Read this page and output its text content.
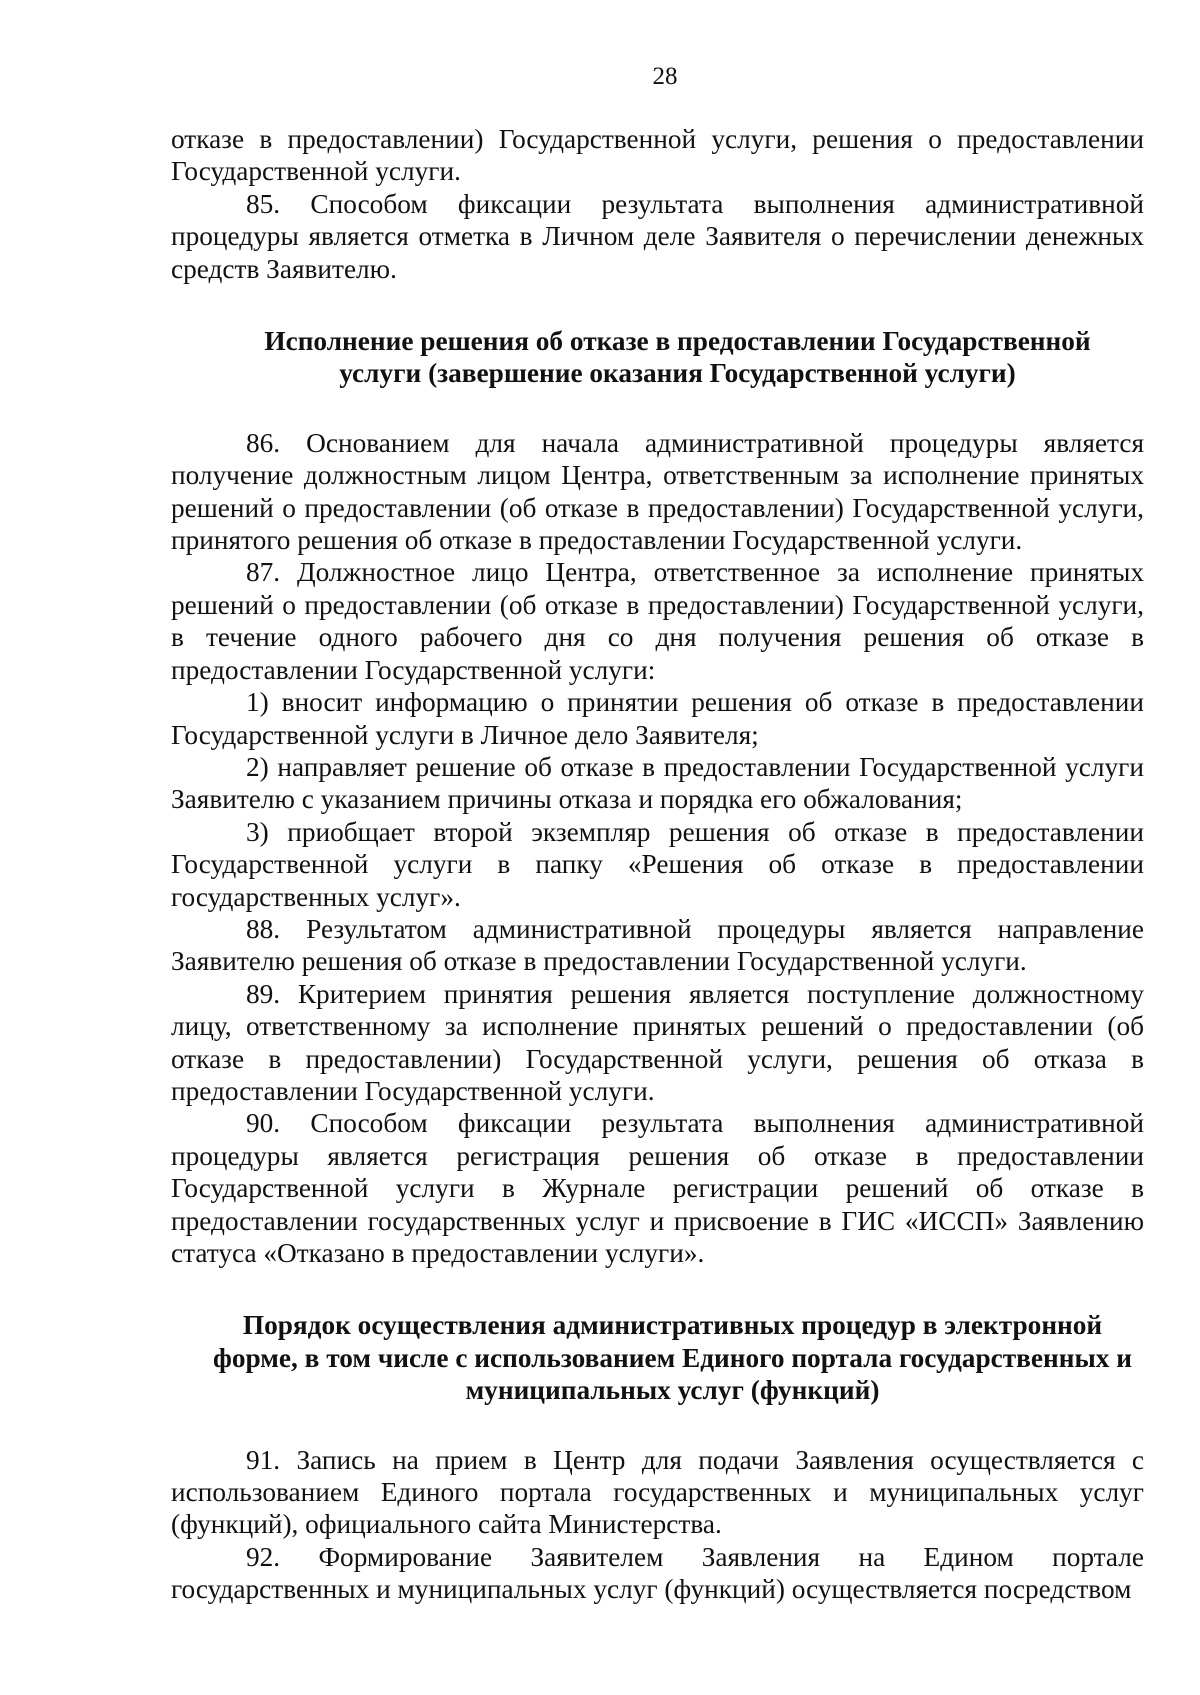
28

отказе в предоставлении) Государственной услуги, решения о предоставлении Государственной услуги.

85. Способом фиксации результата выполнения административной процедуры является отметка в Личном деле Заявителя о перечислении денежных средств Заявителю.

Исполнение решения об отказе в предоставлении Государственной услуги (завершение оказания Государственной услуги)

86. Основанием для начала административной процедуры является получение должностным лицом Центра, ответственным за исполнение принятых решений о предоставлении (об отказе в предоставлении) Государственной услуги, принятого решения об отказе в предоставлении Государственной услуги.

87. Должностное лицо Центра, ответственное за исполнение принятых решений о предоставлении (об отказе в предоставлении) Государственной услуги, в течение одного рабочего дня со дня получения решения об отказе в предоставлении Государственной услуги:

1) вносит информацию о принятии решения об отказе в предоставлении Государственной услуги в Личное дело Заявителя;

2) направляет решение об отказе в предоставлении Государственной услуги Заявителю с указанием причины отказа и порядка его обжалования;

3) приобщает второй экземпляр решения об отказе в предоставлении Государственной услуги в папку «Решения об отказе в предоставлении государственных услуг».

88. Результатом административной процедуры является направление Заявителю решения об отказе в предоставлении Государственной услуги.

89. Критерием принятия решения является поступление должностному лицу, ответственному за исполнение принятых решений о предоставлении (об отказе в предоставлении) Государственной услуги, решения об отказа в предоставлении Государственной услуги.

90. Способом фиксации результата выполнения административной процедуры является регистрация решения об отказе в предоставлении Государственной услуги в Журнале регистрации решений об отказе в предоставлении государственных услуг и присвоение в ГИС «ИССП» Заявлению статуса «Отказано в предоставлении услуги».

Порядок осуществления административных процедур в электронной форме, в том числе с использованием Единого портала государственных и муниципальных услуг (функций)

91. Запись на прием в Центр для подачи Заявления осуществляется с использованием Единого портала государственных и муниципальных услуг (функций), официального сайта Министерства.

92. Формирование Заявителем Заявления на Едином портале государственных и муниципальных услуг (функций) осуществляется посредством
